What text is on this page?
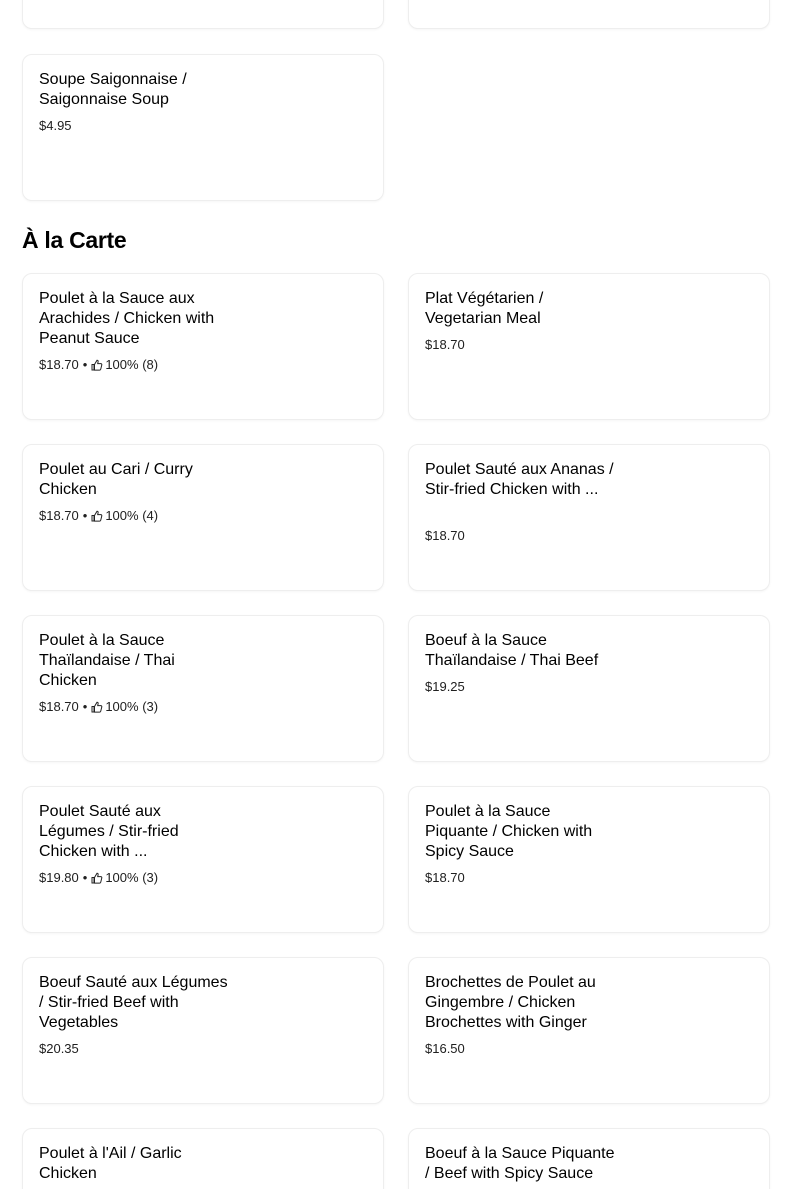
Soupe Saigonnaise / Saigonnaise Soup
$4.95
À la Carte
Poulet à la Sauce aux Arachides / Chicken with Peanut Sauce
$18.70 • 100% (8)
Plat Végétarien / Vegetarian Meal
$18.70
Poulet au Cari / Curry Chicken
$18.70 • 100% (4)
Poulet Sauté aux Ananas / Stir-fried Chicken with ...
$18.70
Poulet à la Sauce Thaïlandaise / Thai Chicken
$18.70 • 100% (3)
Boeuf à la Sauce Thaïlandaise / Thai Beef
$19.25
Poulet Sauté aux Légumes / Stir-fried Chicken with ...
$19.80 • 100% (3)
Poulet à la Sauce Piquante / Chicken with Spicy Sauce
$18.70
Boeuf Sauté aux Légumes / Stir-fried Beef with Vegetables
$20.35
Brochettes de Poulet au Gingembre / Chicken Brochettes with Ginger
$16.50
Poulet à l'Ail / Garlic Chicken
Boeuf à la Sauce Piquante / Beef with Spicy Sauce
